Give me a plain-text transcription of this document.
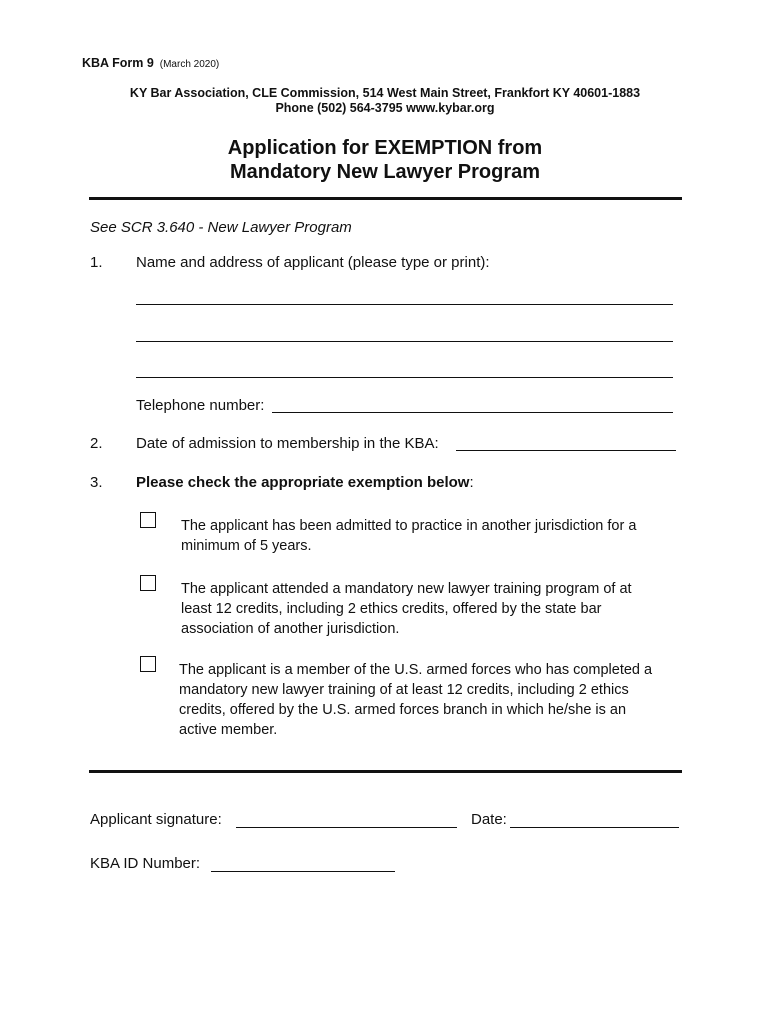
KBA Form 9 (March 2020)
KY Bar Association, CLE Commission, 514 West Main Street, Frankfort KY 40601-1883
Phone (502) 564-3795 www.kybar.org
Application for EXEMPTION from
Mandatory New Lawyer Program
See SCR 3.640 - New Lawyer Program
1. Name and address of applicant (please type or print):
Telephone number:
2. Date of admission to membership in the KBA:
3. Please check the appropriate exemption below:
The applicant has been admitted to practice in another jurisdiction for a
minimum of 5 years.
The applicant attended a mandatory new lawyer training program of at
least 12 credits, including 2 ethics credits, offered by the state bar
association of another jurisdiction.
The applicant is a member of the U.S. armed forces who has completed a
mandatory new lawyer training of at least 12 credits, including 2 ethics
credits, offered by the U.S. armed forces branch in which he/she is an
active member.
Applicant signature:	Date:
KBA ID Number:
